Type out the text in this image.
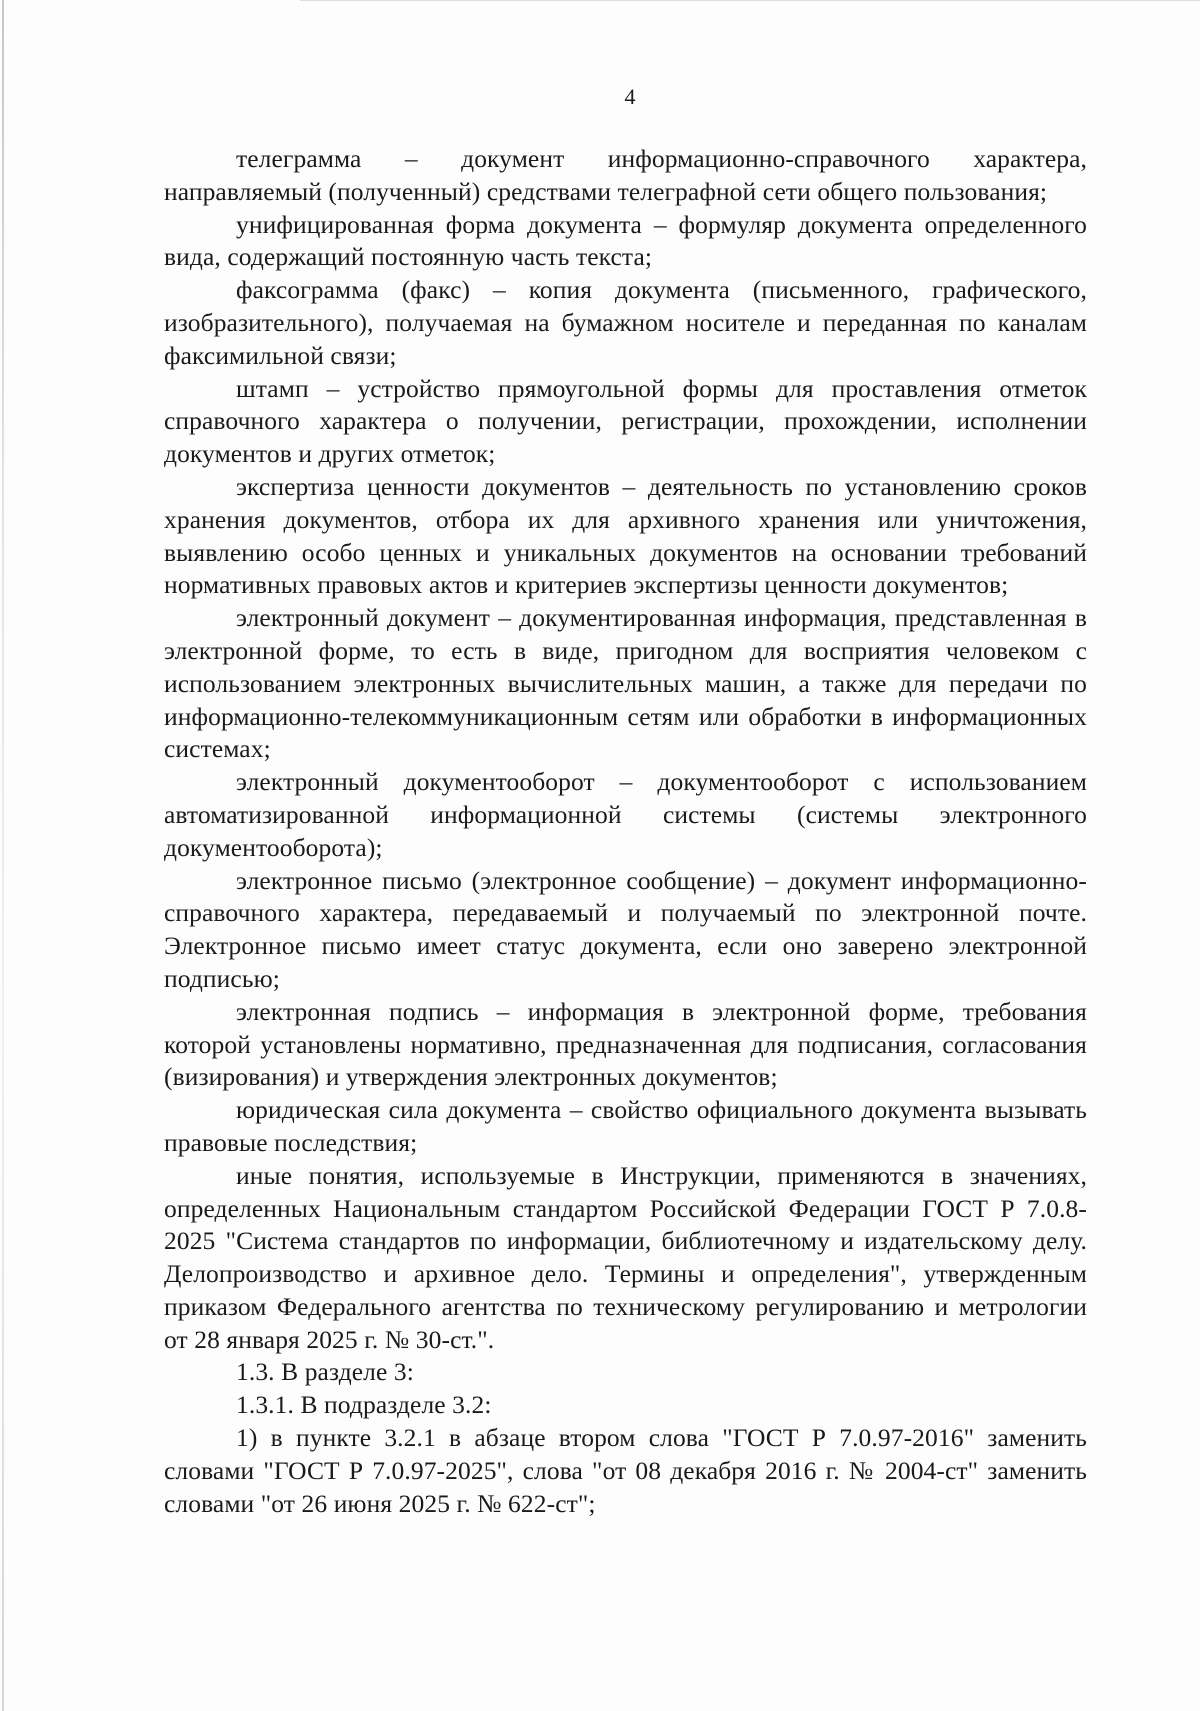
4

телеграмма – документ информационно-справочного характера, направляемый (полученный) средствами телеграфной сети общего пользования;

унифицированная форма документа – формуляр документа определенного вида, содержащий постоянную часть текста;

факсограмма (факс) – копия документа (письменного, графического, изобразительного), получаемая на бумажном носителе и переданная по каналам факсимильной связи;

штамп – устройство прямоугольной формы для проставления отметок справочного характера о получении, регистрации, прохождении, исполнении документов и других отметок;

экспертиза ценности документов – деятельность по установлению сроков хранения документов, отбора их для архивного хранения или уничтожения, выявлению особо ценных и уникальных документов на основании требований нормативных правовых актов и критериев экспертизы ценности документов;

электронный документ – документированная информация, представленная в электронной форме, то есть в виде, пригодном для восприятия человеком с использованием электронных вычислительных машин, а также для передачи по информационно-телекоммуникационным сетям или обработки в информационных системах;

электронный документооборот – документооборот с использованием автоматизированной информационной системы (системы электронного документооборота);

электронное письмо (электронное сообщение) – документ информационно-справочного характера, передаваемый и получаемый по электронной почте. Электронное письмо имеет статус документа, если оно заверено электронной подписью;

электронная подпись – информация в электронной форме, требования которой установлены нормативно, предназначенная для подписания, согласования (визирования) и утверждения электронных документов;

юридическая сила документа – свойство официального документа вызывать правовые последствия;

иные понятия, используемые в Инструкции, применяются в значениях, определенных Национальным стандартом Российской Федерации ГОСТ Р 7.0.8-2025 "Система стандартов по информации, библиотечному и издательскому делу. Делопроизводство и архивное дело. Термины и определения", утвержденным приказом Федерального агентства по техническому регулированию и метрологии от 28 января 2025 г. № 30-ст.".

1.3. В разделе 3:

1.3.1. В подразделе 3.2:

1) в пункте 3.2.1 в абзаце втором слова "ГОСТ Р 7.0.97-2016" заменить словами "ГОСТ Р 7.0.97-2025", слова "от 08 декабря 2016 г. № 2004-ст" заменить словами "от 26 июня 2025 г. № 622-ст";
